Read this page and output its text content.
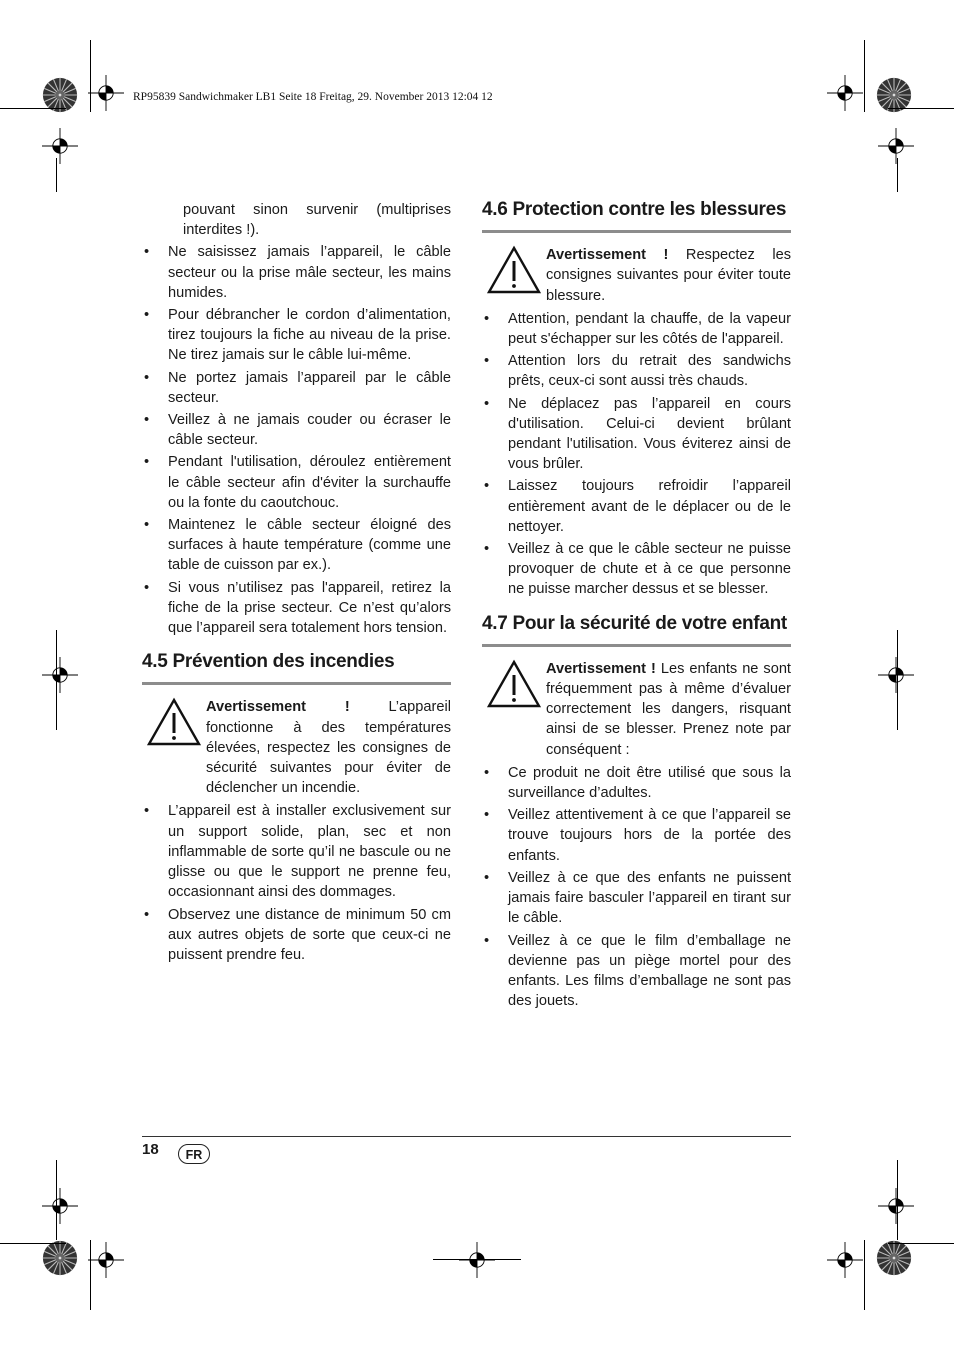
RP95839 Sandwichmaker LB1 Seite 18 Freitag, 29. November 2013 12:04 12

pouvant sinon survenir (multiprises interdites !).

• Ne saisissez jamais l’appareil, le câble secteur ou la prise mâle secteur, les mains humides.
• Pour débrancher le cordon d’alimentation, tirez toujours la fiche au niveau de la prise. Ne tirez jamais sur le câble lui-même.
• Ne portez jamais l’appareil par le câble secteur.
• Veillez à ne jamais couder ou écraser le câble secteur.
• Pendant l'utilisation, déroulez entièrement le câble secteur afin d'éviter la surchauffe ou la fonte du caoutchouc.
• Maintenez le câble secteur éloigné des surfaces à haute température (comme une table de cuisson par ex.).
• Si vous n’utilisez pas l'appareil, retirez la fiche de la prise secteur. Ce n’est qu’alors que l’appareil sera totalement hors tension.
4.5 Prévention des incendies
Avertissement ! L’appareil fonctionne à des températures élevées, respectez les consignes de sécurité suivantes pour éviter de déclencher un incendie.
• L’appareil est à installer exclusivement sur un support solide, plan, sec et non inflammable de sorte qu’il ne bascule ou ne glisse ou que le support ne prenne feu, occasionnant ainsi des dommages.
• Observez une distance de minimum 50 cm aux autres objets de sorte que ceux-ci ne puissent prendre feu.
4.6 Protection contre les blessures
Avertissement ! Respectez les consignes suivantes pour éviter toute blessure.
• Attention, pendant la chauffe, de la vapeur peut s'échapper sur les côtés de l'appareil.
• Attention lors du retrait des sandwichs prêts, ceux-ci sont aussi très chauds.
• Ne déplacez pas l’appareil en cours d'utilisation. Celui-ci devient brûlant pendant l'utilisation. Vous éviterez ainsi de vous brûler.
• Laissez toujours refroidir l’appareil entièrement avant de le déplacer ou de le nettoyer.
• Veillez à ce que le câble secteur ne puisse provoquer de chute et à ce que personne ne puisse marcher dessus et se blesser.
4.7 Pour la sécurité de votre enfant
Avertissement ! Les enfants ne sont fréquemment pas à même d’évaluer correctement les dangers, risquant ainsi de se blesser. Prenez note par conséquent :
• Ce produit ne doit être utilisé que sous la surveillance d’adultes.
• Veillez attentivement à ce que l’appareil se trouve toujours hors de la portée des enfants.
• Veillez à ce que des enfants ne puissent jamais faire basculer l’appareil en tirant sur le câble.
• Veillez à ce que le film d’emballage ne devienne pas un piège mortel pour des enfants. Les films d’emballage ne sont pas des jouets.
18	FR
